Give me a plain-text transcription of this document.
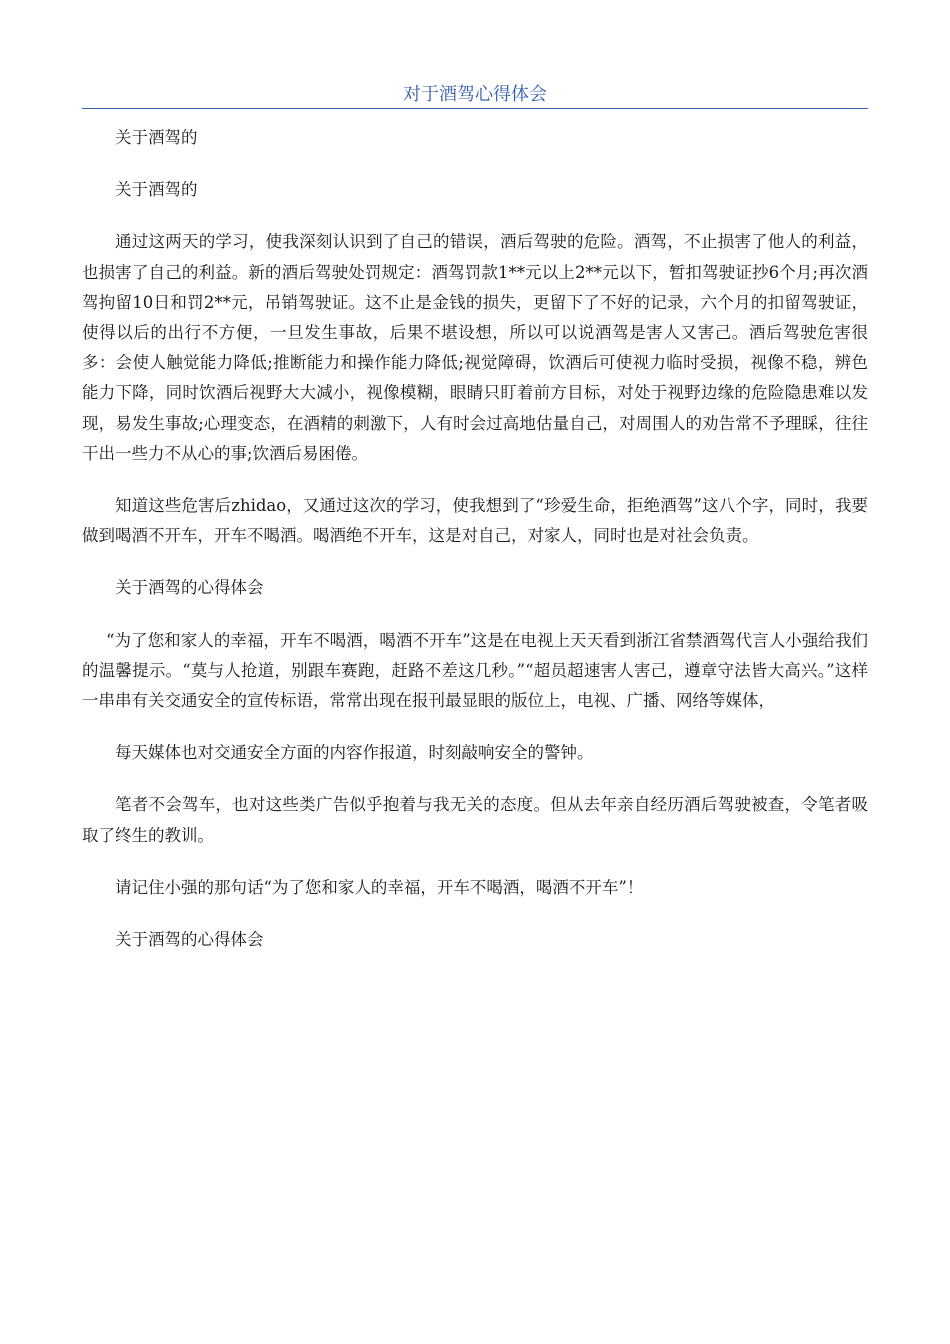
对于酒驾心得体会

关于酒驾的

关于酒驾的

通过这两天的学习，使我深刻认识到了自己的错误，酒后驾驶的危险。酒驾，不止损害了他人的利益，也损害了自己的利益。新的酒后驾驶处罚规定：酒驾罚款1**元以上2**元以下，暂扣驾驶证抄6个月;再次酒驾拘留10日和罚2**元，吊销驾驶证。这不止是金钱的损失，更留下了不好的记录，六个月的扣留驾驶证，使得以后的出行不方便，一旦发生事故，后果不堪设想，所以可以说酒驾是害人又害己。酒后驾驶危害很多：会使人触觉能力降低;推断能力和操作能力降低;视觉障碍，饮酒后可使视力临时受损，视像不稳，辨色能力下降，同时饮酒后视野大大减小，视像模糊，眼睛只盯着前方目标，对处于视野边缘的危险隐患难以发现，易发生事故;心理变态，在酒精的刺激下，人有时会过高地估量自己，对周围人的劝告常不予理睬，往往干出一些力不从心的事;饮酒后易困倦。

知道这些危害后zhidao，又通过这次的学习，使我想到了“珍爱生命，拒绝酒驾”这八个字，同时，我要做到喝酒不开车，开车不喝酒。喝酒绝不开车，这是对自己，对家人，同时也是对社会负责。

关于酒驾的心得体会

“为了您和家人的幸福，开车不喝酒，喝酒不开车”这是在电视上天天看到浙江省禁酒驾代言人小强给我们的温馨提示。“莫与人抢道，别跟车赛跑，赶路不差这几秒。”“超员超速害人害己，遵章守法皆大高兴。”这样一串串有关交通安全的宣传标语，常常出现在报刊最显眼的版位上，电视、广播、网络等媒体，

每天媒体也对交通安全方面的内容作报道，时刻敲响安全的警钟。

笔者不会驾车，也对这些类广告似乎抱着与我无关的态度。但从去年亲自经历酒后驾驶被查，令笔者吸取了终生的教训。

请记住小强的那句话“为了您和家人的幸福，开车不喝酒，喝酒不开车”！

关于酒驾的心得体会
